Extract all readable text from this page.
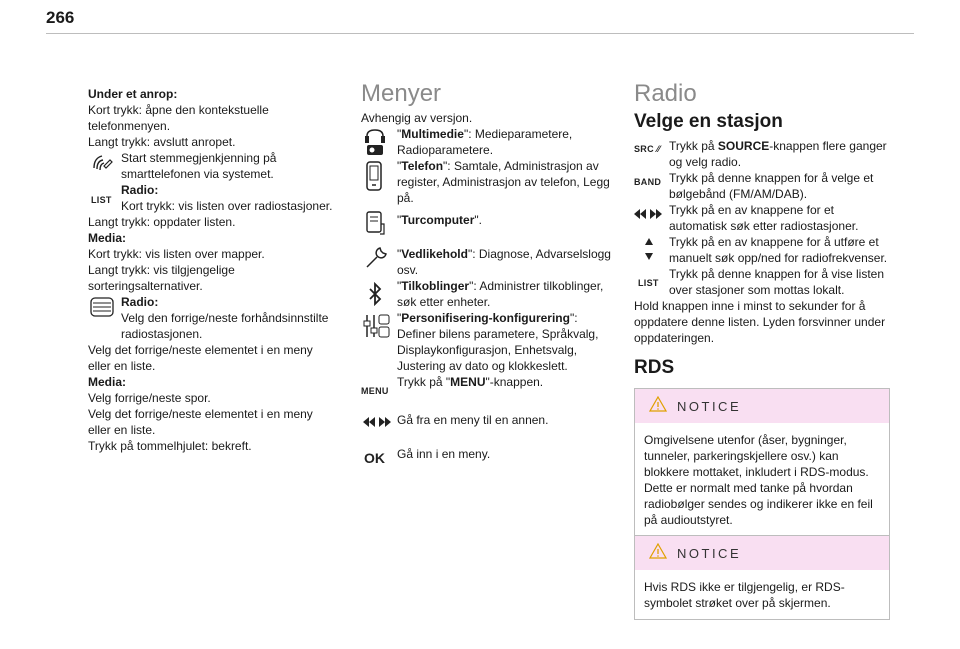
266

Under et anrop:

Kort trykk: åpne den kontekstuelle telefonmenyen.

Langt trykk: avslutt anropet.

Start stemmegjenkjenning på smarttelefonen via systemet.

LIST

Radio:

Kort trykk: vis listen over radiostasjoner.

Langt trykk: oppdater listen.

Media:

Kort trykk: vis listen over mapper.

Langt trykk: vis tilgjengelige sorteringsalternativer.

Radio:

Velg den forrige/neste forhåndsinnstilte radiostasjonen.

Velg det forrige/neste elementet i en meny eller en liste.

Media:

Velg forrige/neste spor.

Velg det forrige/neste elementet i en meny eller en liste.

Trykk på tommelhjulet: bekreft.

Menyer

Avhengig av versjon.

"Multimedie": Medieparametere, Radioparametere.

"Telefon": Samtale, Administrasjon av register, Administrasjon av telefon, Legg på.

"Turcomputer".

"Vedlikehold": Diagnose, Advarselslogg osv.

"Tilkoblinger": Administrer tilkoblinger, søk etter enheter.

"Personifisering-konfigurering": Definer bilens parametere, Språkvalg, Displaykonfigurasjon, Enhetsvalg, Justering av dato og klokkeslett.

MENU

Trykk på "MENU"-knappen.

Gå fra en meny til en annen.

OK Gå inn i en meny.

Radio
Velge en stasjon
SRC ⁄⁄ Trykk på SOURCE-knappen flere ganger og velg radio.

BAND Trykk på denne knappen for å velge et bølgebånd (FM/AM/DAB).

Trykk på en av knappene for et automatisk søk etter radiostasjoner.

Trykk på en av knappene for å utføre et manuelt søk opp/ned for radiofrekvenser.

LIST

Trykk på denne knappen for å vise listen over stasjoner som mottas lokalt.

Hold knappen inne i minst to sekunder for å oppdatere denne listen. Lyden forsvinner under oppdateringen.

RDS
NOTICE
Omgivelsene utenfor (åser, bygninger, tunneler, parkeringskjellere osv.) kan blokkere mottaket, inkludert i RDS-modus. Dette er normalt med tanke på hvordan radiobølger sendes og indikerer ikke en feil på audioutstyret.
NOTICE
Hvis RDS ikke er tilgjengelig, er RDS-symbolet strøket over på skjermen.
